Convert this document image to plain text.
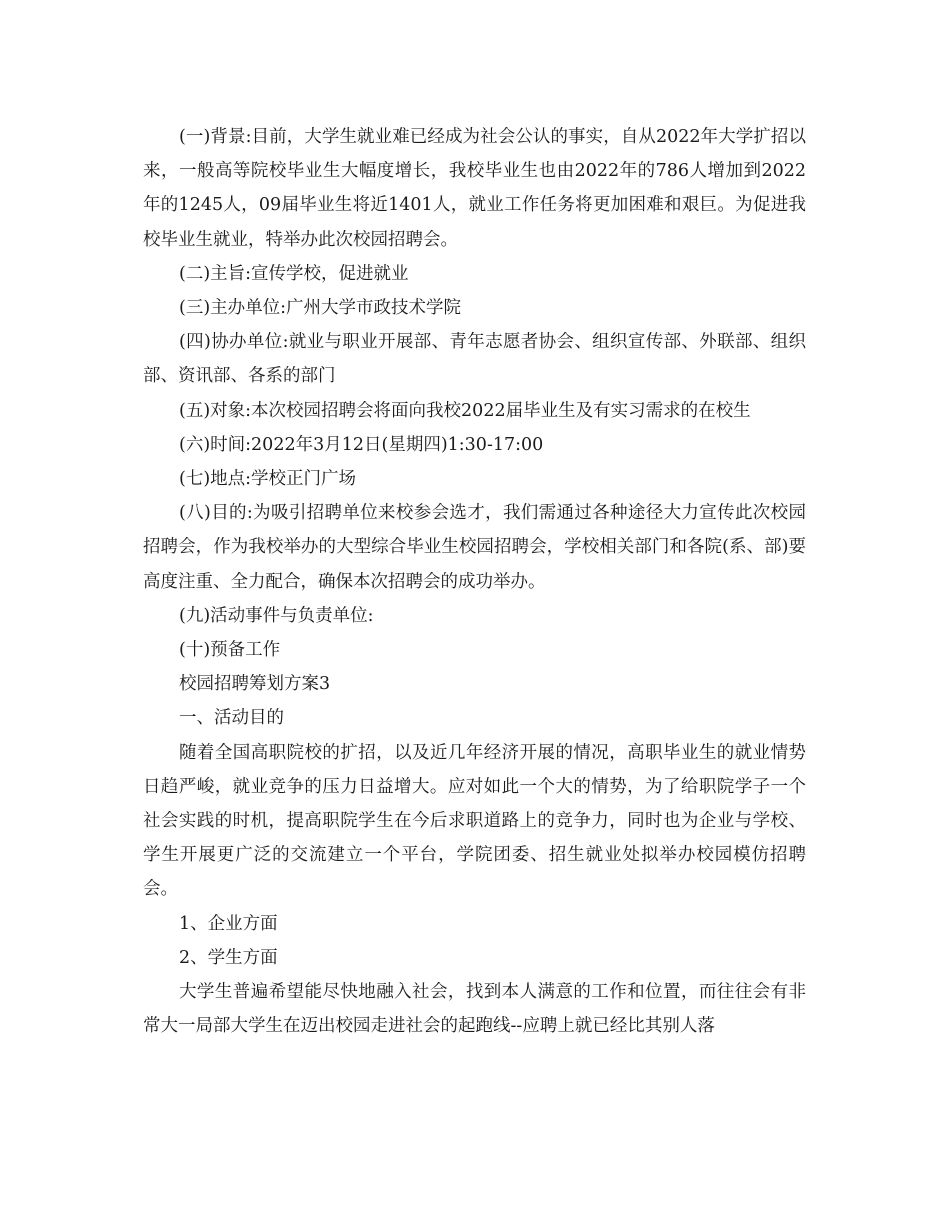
(一)背景:目前，大学生就业难已经成为社会公认的事实，自从2022年大学扩招以来，一般高等院校毕业生大幅度增长，我校毕业生也由2022年的786人增加到2022年的1245人，09届毕业生将近1401人，就业工作任务将更加困难和艰巨。为促进我校毕业生就业，特举办此次校园招聘会。

(二)主旨:宣传学校，促进就业

(三)主办单位:广州大学市政技术学院

(四)协办单位:就业与职业开展部、青年志愿者协会、组织宣传部、外联部、组织部、资讯部、各系的部门

(五)对象:本次校园招聘会将面向我校2022届毕业生及有实习需求的在校生

(六)时间:2022年3月12日(星期四)1:30-17:00

(七)地点:学校正门广场

(八)目的:为吸引招聘单位来校参会选才，我们需通过各种途径大力宣传此次校园招聘会，作为我校举办的大型综合毕业生校园招聘会，学校相关部门和各院(系、部)要高度注重、全力配合，确保本次招聘会的成功举办。

(九)活动事件与负责单位:

(十)预备工作

校园招聘筹划方案3

一、活动目的

随着全国高职院校的扩招，以及近几年经济开展的情况，高职毕业生的就业情势日趋严峻，就业竞争的压力日益增大。应对如此一个大的情势，为了给职院学子一个社会实践的时机，提高职院学生在今后求职道路上的竞争力，同时也为企业与学校、学生开展更广泛的交流建立一个平台，学院团委、招生就业处拟举办校园模仿招聘会。

1、企业方面

2、学生方面

大学生普遍希望能尽快地融入社会，找到本人满意的工作和位置，而往往会有非常大一局部大学生在迈出校园走进社会的起跑线--应聘上就已经比其别人落
